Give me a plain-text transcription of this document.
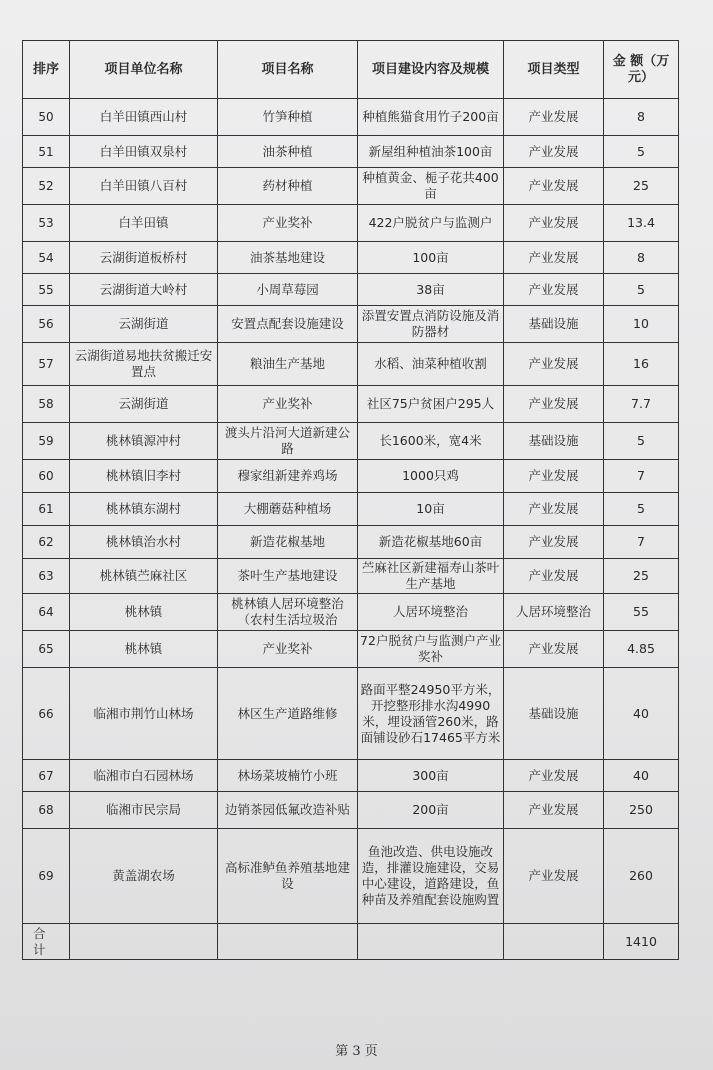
排序	项目单位名称	项目名称	项目建设内容及规模	项目类型	金 额（万元）
50	白羊田镇西山村	竹笋种植	种植熊猫食用竹子200亩	产业发展	8
51	白羊田镇双泉村	油茶种植	新屋组种植油茶100亩	产业发展	5
52	白羊田镇八百村	药材种植	种植黄金、栀子花共400亩	产业发展	25
53	白羊田镇	产业奖补	422户脱贫户与监测户	产业发展	13.4
54	云湖街道板桥村	油茶基地建设	100亩	产业发展	8
55	云湖街道大岭村	小周草莓园	38亩	产业发展	5
56	云湖街道	安置点配套设施建设	添置安置点消防设施及消防器材	基础设施	10
57	云湖街道易地扶贫搬迁安置点	粮油生产基地	水稻、油菜种植收割	产业发展	16
58	云湖街道	产业奖补	社区75户贫困户295人	产业发展	7.7
59	桃林镇源冲村	渡头片沿河大道新建公路	长1600米，宽4米	基础设施	5
60	桃林镇旧李村	穆家组新建养鸡场	1000只鸡	产业发展	7
61	桃林镇东湖村	大棚蘑菇种植场	10亩	产业发展	5
62	桃林镇治水村	新造花椒基地	新造花椒基地60亩	产业发展	7
63	桃林镇苎麻社区	茶叶生产基地建设	苎麻社区新建福寿山茶叶生产基地	产业发展	25
64	桃林镇	桃林镇人居环境整治（农村生活垃圾治	人居环境整治	人居环境整治	55
65	桃林镇	产业奖补	72户脱贫户与监测户产业奖补	产业发展	4.85
66	临湘市荆竹山林场	林区生产道路维修	路面平整24950平方米，开挖整形排水沟4990米，埋设涵管260米，路面铺设砂石17465平方米	基础设施	40
67	临湘市白石园林场	林场菜坡楠竹小班	300亩	产业发展	40
68	临湘市民宗局	边销茶园低氟改造补贴	200亩	产业发展	250
69	黄盖湖农场	高标准鲈鱼养殖基地建设	鱼池改造、供电设施改造，排灌设施建设，交易中心建设，道路建设，鱼种苗及养殖配套设施购置	产业发展	260
合计					1410
第 3 页
